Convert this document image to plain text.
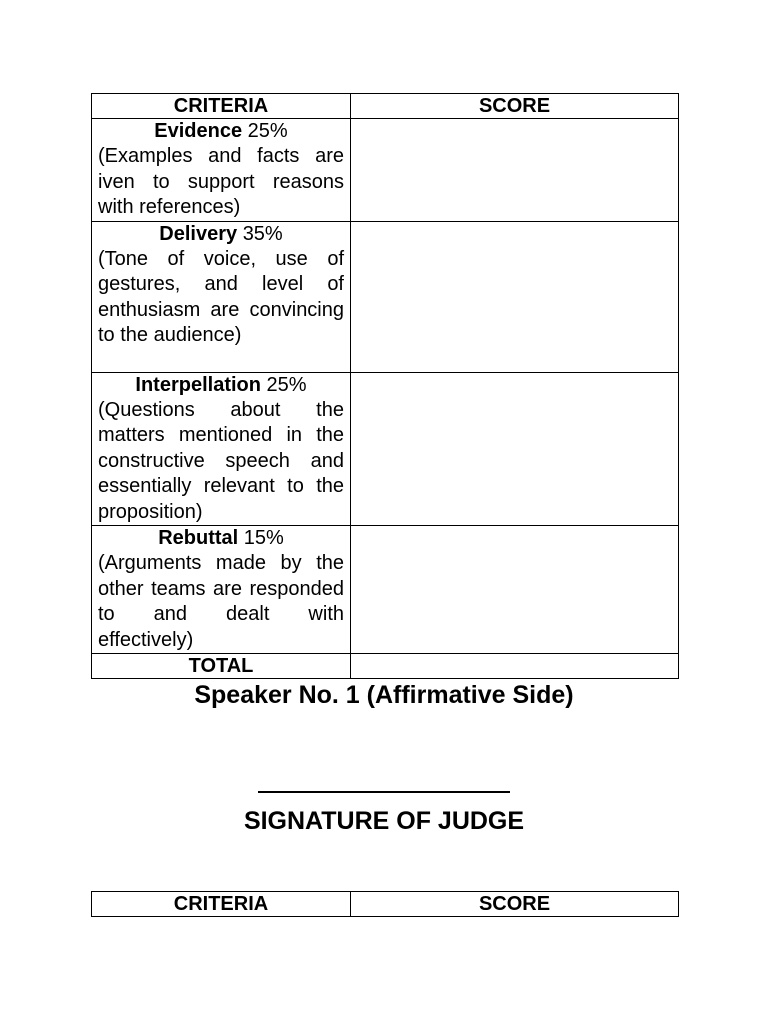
CRITERIA	SCORE

Evidence 25%
(Examples and facts are iven to support reasons with references)	

Delivery 35%
(Tone of voice, use of gestures, and level of enthusiasm are convincing to the audience)	

Interpellation 25%
(Questions about the matters mentioned in the constructive speech and essentially relevant to the proposition)	

Rebuttal 15%
(Arguments made by the other teams are responded to and dealt with effectively)	

TOTAL	
Speaker No. 1 (Affirmative Side)
SIGNATURE OF JUDGE
CRITERIA	SCORE
